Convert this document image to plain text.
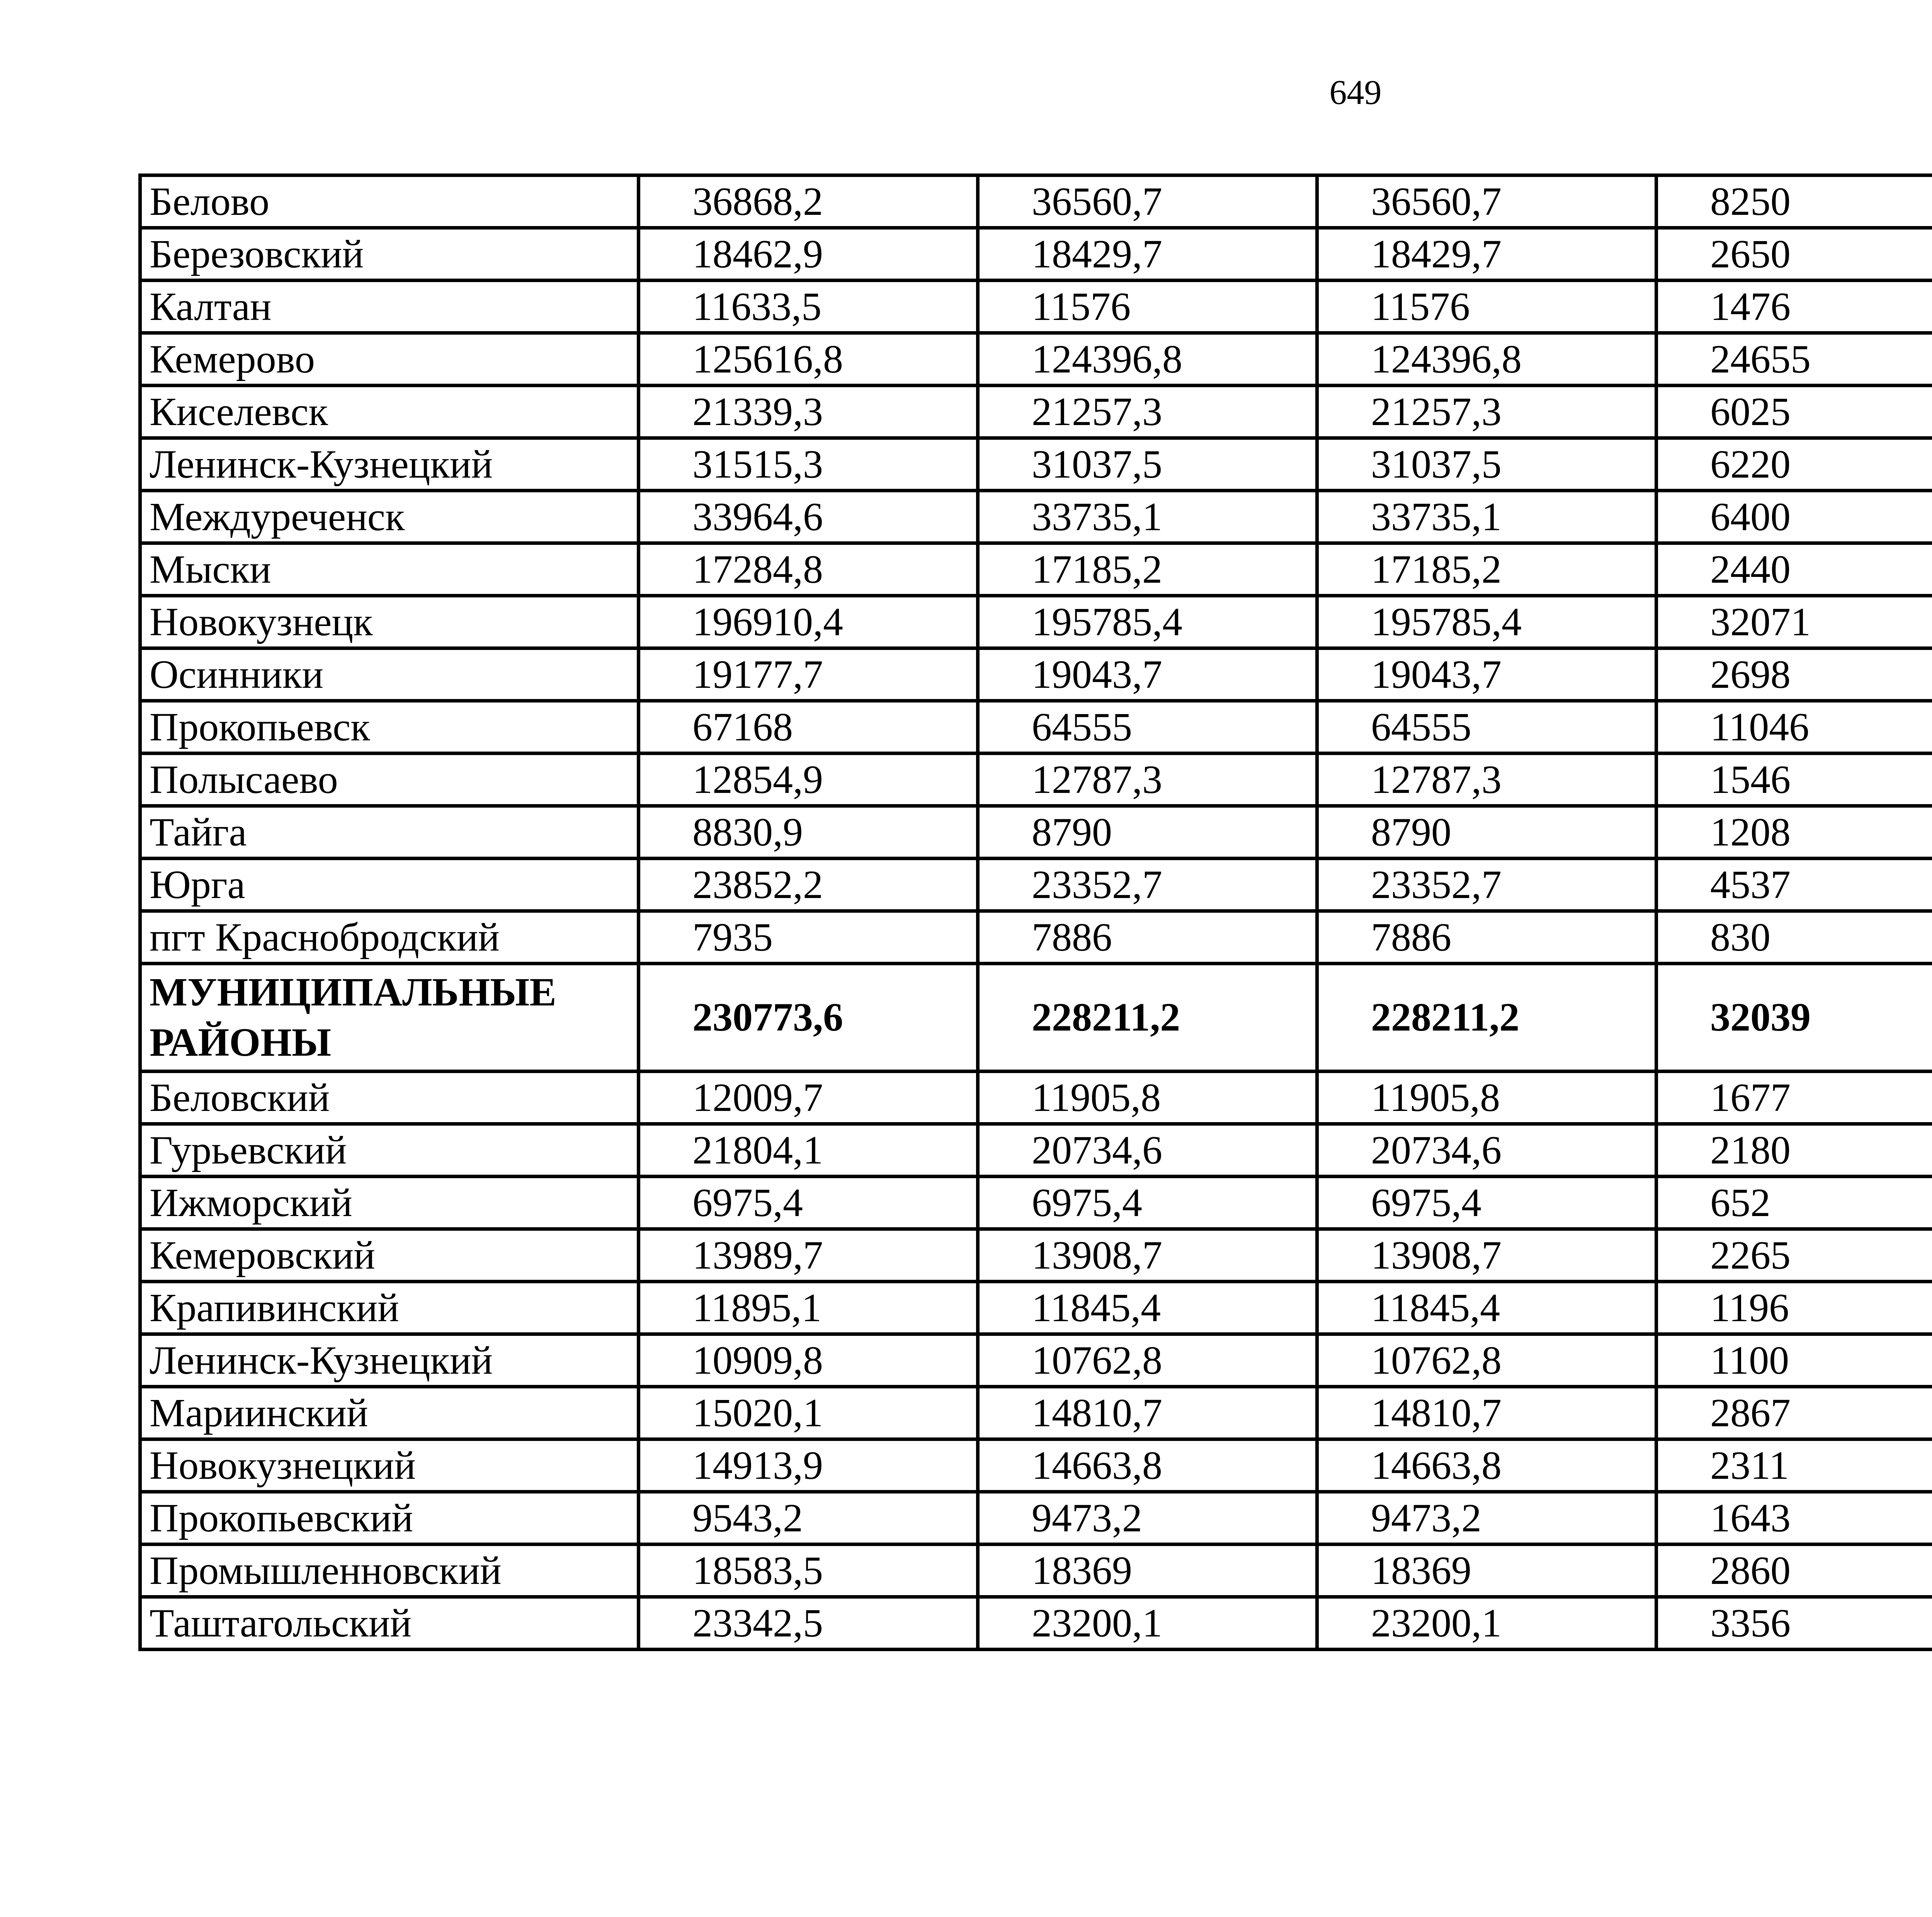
649
Белово	36868,2	36560,7	36560,7	8250		
Березовский	18462,9	18429,7	18429,7	2650		
Калтан	11633,5	11576	11576	1476		
Кемерово	125616,8	124396,8	124396,8	24655		
Киселевск	21339,3	21257,3	21257,3	6025		
Ленинск-Кузнецкий	31515,3	31037,5	31037,5	6220		
Междуреченск	33964,6	33735,1	33735,1	6400		
Мыски	17284,8	17185,2	17185,2	2440		
Новокузнецк	196910,4	195785,4	195785,4	32071		
Осинники	19177,7	19043,7	19043,7	2698		
Прокопьевск	67168	64555	64555	11046		
Полысаево	12854,9	12787,3	12787,3	1546		
Тайга	8830,9	8790	8790	1208		
Юрга	23852,2	23352,7	23352,7	4537		
пгт Краснобродский	7935	7886	7886	830		
МУНИЦИПАЛЬНЫЕ РАЙОНЫ	230773,6	228211,2	228211,2	32039		
Беловский	12009,7	11905,8	11905,8	1677		
Гурьевский	21804,1	20734,6	20734,6	2180		
Ижморский	6975,4	6975,4	6975,4	652		
Кемеровский	13989,7	13908,7	13908,7	2265		
Крапивинский	11895,1	11845,4	11845,4	1196		
Ленинск-Кузнецкий	10909,8	10762,8	10762,8	1100		
Мариинский	15020,1	14810,7	14810,7	2867		
Новокузнецкий	14913,9	14663,8	14663,8	2311		
Прокопьевский	9543,2	9473,2	9473,2	1643		
Промышленновский	18583,5	18369	18369	2860		
Таштагольский	23342,5	23200,1	23200,1	3356		
